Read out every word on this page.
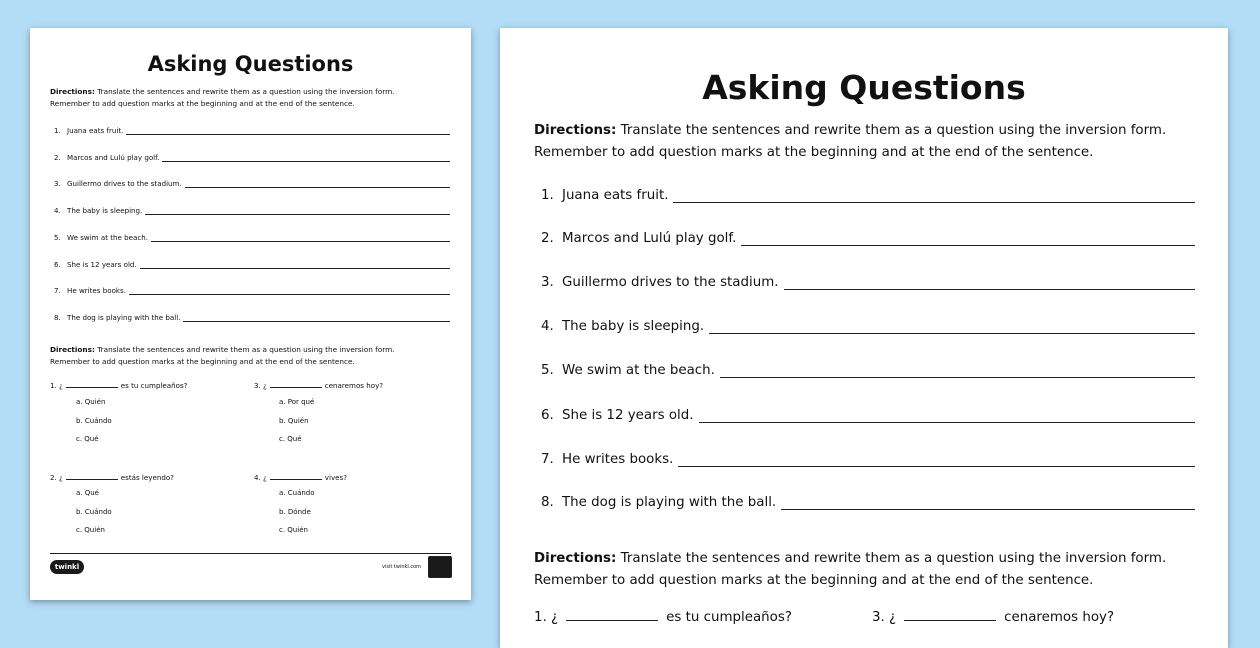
Asking Questions
Directions: Translate the sentences and rewrite them as a question using the inversion form.
Remember to add question marks at the beginning and at the end of the sentence.
1. Juana eats fruit.
2. Marcos and Lulú play golf.
3. Guillermo drives to the stadium.
4. The baby is sleeping.
5. We swim at the beach.
6. She is 12 years old.
7. He writes books.
8. The dog is playing with the ball.
Directions: Translate the sentences and rewrite them as a question using the inversion form.
Remember to add question marks at the beginning and at the end of the sentence.
1. ¿	es tu cumpleaños?
a. Quién
b. Cuándo
c. Qué
3. ¿	cenaremos hoy?
a. Por qué
b. Quién
c. Qué
2. ¿	estás leyendo?
a. Qué
b. Cuándo
c. Quién
4. ¿	vives?
a. Cuándo
b. Dónde
c. Quién
twinkl	visit twinkl.com
Asking Questions
Directions: Translate the sentences and rewrite them as a question using the inversion form.
Remember to add question marks at the beginning and at the end of the sentence.
1. Juana eats fruit.
2. Marcos and Lulú play golf.
3. Guillermo drives to the stadium.
4. The baby is sleeping.
5. We swim at the beach.
6. She is 12 years old.
7. He writes books.
8. The dog is playing with the ball.
Directions: Translate the sentences and rewrite them as a question using the inversion form.
Remember to add question marks at the beginning and at the end of the sentence.
1. ¿	es tu cumpleaños?	3. ¿	cenaremos hoy?
